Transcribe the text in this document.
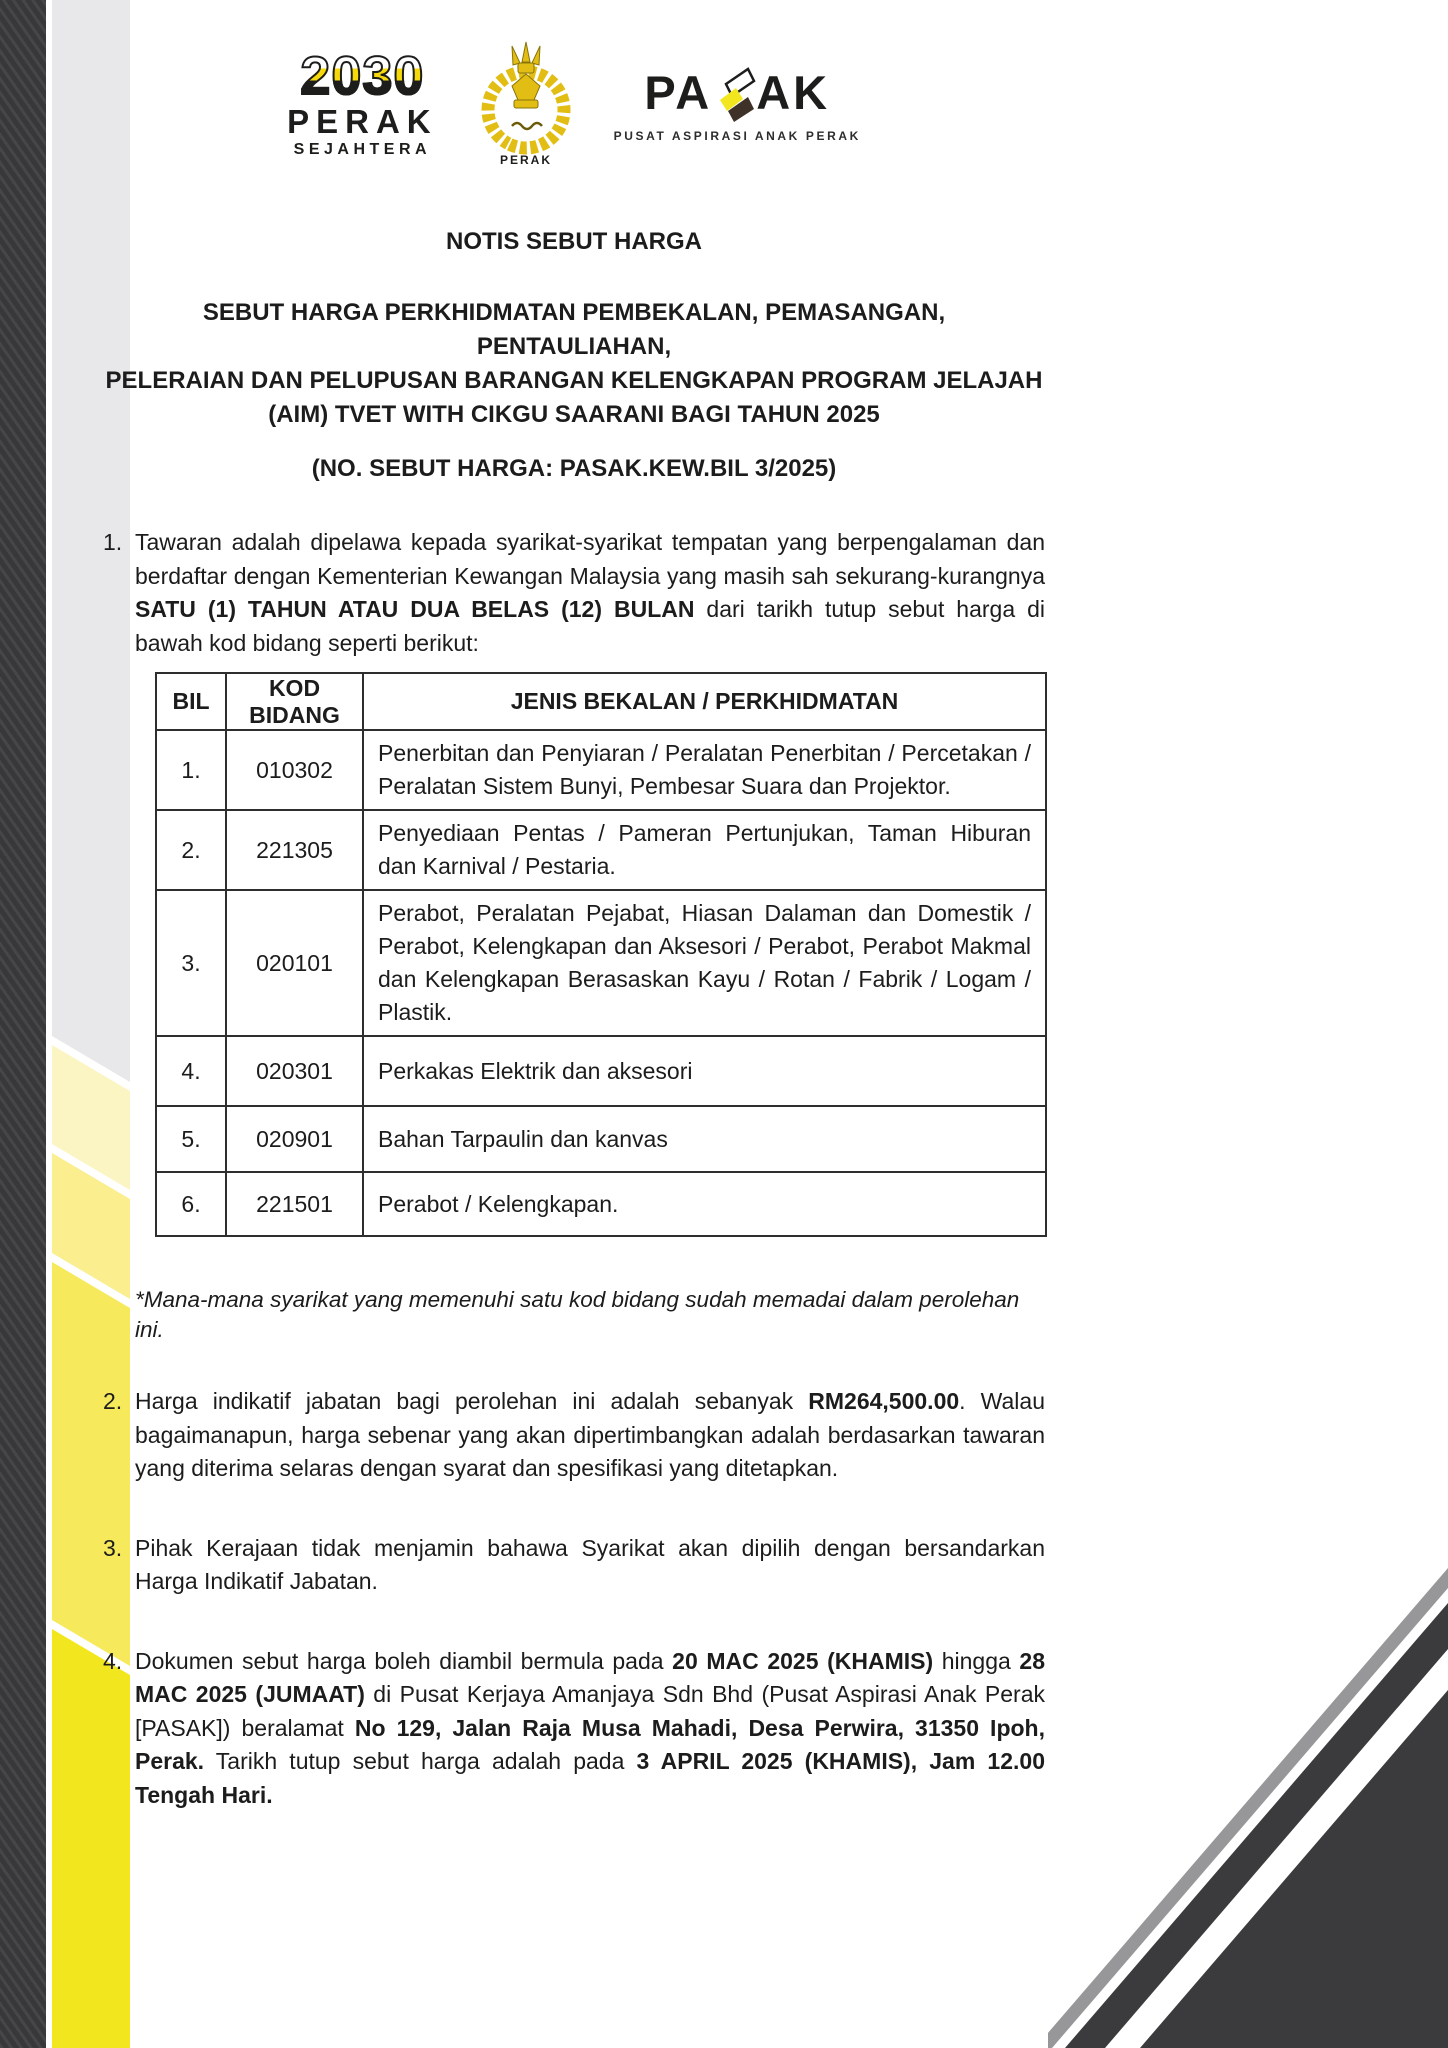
2030
PERAK
SEJAHTERA
PERAK
PA AK
PUSAT ASPIRASI ANAK PERAK
NOTIS SEBUT HARGA
SEBUT HARGA PERKHIDMATAN PEMBEKALAN, PEMASANGAN, PENTAULIAHAN,
PELERAIAN DAN PELUPUSAN BARANGAN KELENGKAPAN PROGRAM JELAJAH
(AIM) TVET WITH CIKGU SAARANI BAGI TAHUN 2025
(NO. SEBUT HARGA: PASAK.KEW.BIL 3/2025)
1. Tawaran adalah dipelawa kepada syarikat-syarikat tempatan yang berpengalaman dan berdaftar dengan Kementerian Kewangan Malaysia yang masih sah sekurang-kurangnya SATU (1) TAHUN ATAU DUA BELAS (12) BULAN dari tarikh tutup sebut harga di bawah kod bidang seperti berikut:
BIL	KOD BIDANG	JENIS BEKALAN / PERKHIDMATAN
1.	010302	Penerbitan dan Penyiaran / Peralatan Penerbitan / Percetakan / Peralatan Sistem Bunyi, Pembesar Suara dan Projektor.
2.	221305	Penyediaan Pentas / Pameran Pertunjukan, Taman Hiburan dan Karnival / Pestaria.
3.	020101	Perabot, Peralatan Pejabat, Hiasan Dalaman dan Domestik / Perabot, Kelengkapan dan Aksesori / Perabot, Perabot Makmal dan Kelengkapan Berasaskan Kayu / Rotan / Fabrik / Logam / Plastik.
4.	020301	Perkakas Elektrik dan aksesori
5.	020901	Bahan Tarpaulin dan kanvas
6.	221501	Perabot / Kelengkapan.
*Mana-mana syarikat yang memenuhi satu kod bidang sudah memadai dalam perolehan ini.
2. Harga indikatif jabatan bagi perolehan ini adalah sebanyak RM264,500.00. Walau bagaimanapun, harga sebenar yang akan dipertimbangkan adalah berdasarkan tawaran yang diterima selaras dengan syarat dan spesifikasi yang ditetapkan.
3. Pihak Kerajaan tidak menjamin bahawa Syarikat akan dipilih dengan bersandarkan Harga Indikatif Jabatan.
4. Dokumen sebut harga boleh diambil bermula pada 20 MAC 2025 (KHAMIS) hingga 28 MAC 2025 (JUMAAT) di Pusat Kerjaya Amanjaya Sdn Bhd (Pusat Aspirasi Anak Perak [PASAK]) beralamat No 129, Jalan Raja Musa Mahadi, Desa Perwira, 31350 Ipoh, Perak. Tarikh tutup sebut harga adalah pada 3 APRIL 2025 (KHAMIS), Jam 12.00 Tengah Hari.
